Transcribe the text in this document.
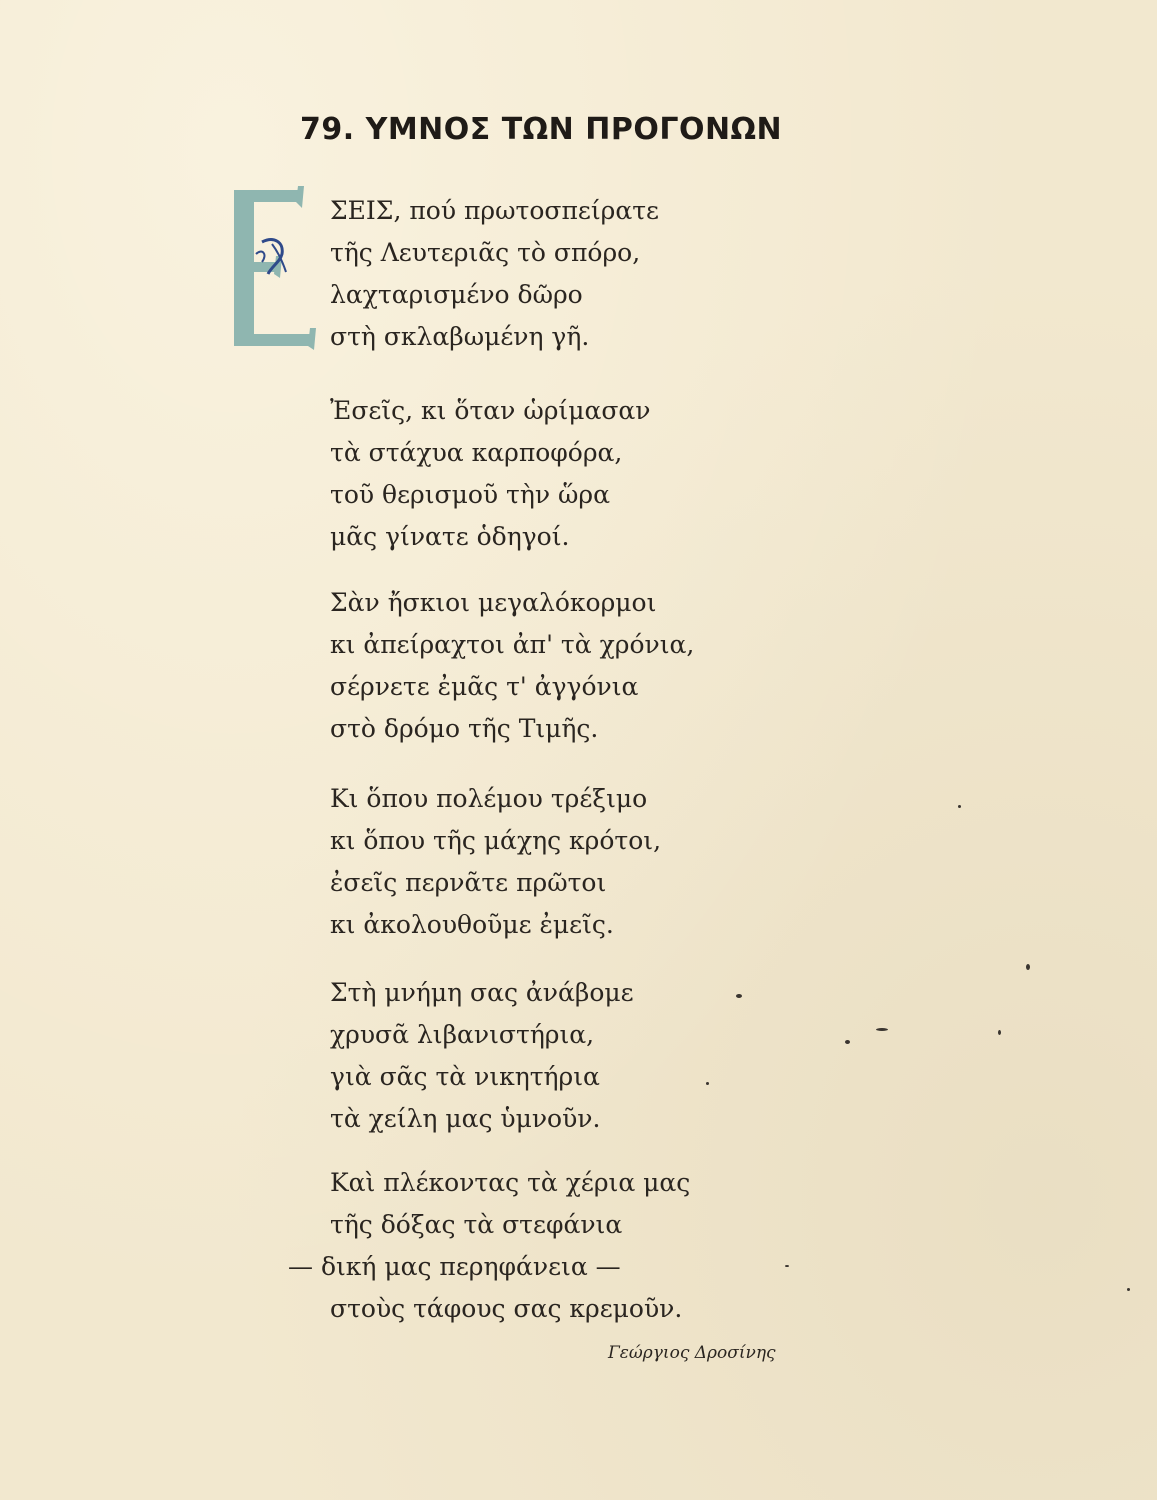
79. ΥΜΝΟΣ ΤΩΝ ΠΡΟΓΟΝΩΝ
ΣΕΙΣ, πού πρωτοσπείρατε
τῆς Λευτεριᾶς τὸ σπόρο,
λαχταρισμένο δῶρο
στὴ σκλαβωμένη γῆ.
Ἐσεῖς, κι ὅταν ὡρίμασαν
τὰ στάχυα καρποφόρα,
τοῦ θερισμοῦ τὴν ὥρα
μᾶς γίνατε ὁδηγοί.
Σὰν ἤσκιοι μεγαλόκορμοι
κι ἀπείραχτοι ἀπ' τὰ χρόνια,
σέρνετε ἐμᾶς τ' ἀγγόνια
στὸ δρόμο τῆς Τιμῆς.
Κι ὅπου πολέμου τρέξιμο
κι ὅπου τῆς μάχης κρότοι,
ἐσεῖς περνᾶτε πρῶτοι
κι ἀκολουθοῦμε ἐμεῖς.
Στὴ μνήμη σας ἀνάβομε
χρυσᾶ λιβανιστήρια,
γιὰ σᾶς τὰ νικητήρια
τὰ χείλη μας ὑμνοῦν.
Καὶ πλέκοντας τὰ χέρια μας
τῆς δόξας τὰ στεφάνια
— δική μας περηφάνεια —
στοὺς τάφους σας κρεμοῦν.
Γεώργιος Δροσίνης
